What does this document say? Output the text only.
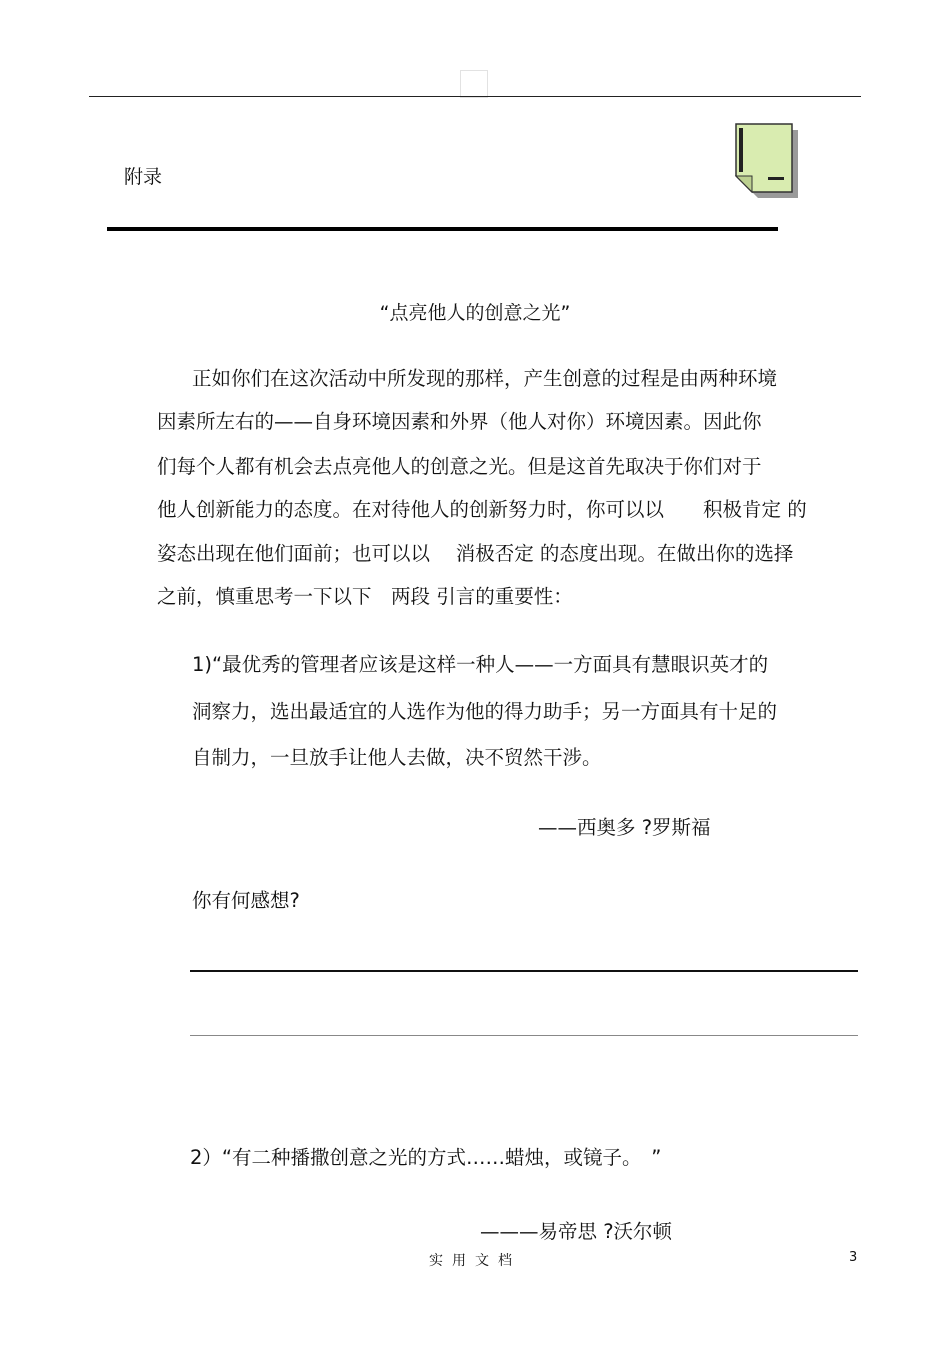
附录
“点亮他人的创意之光”
正如你们在这次活动中所发现的那样，产生创意的过程是由两种环境
因素所左右的——自身环境因素和外界（他人对你）环境因素。因此你
们每个人都有机会去点亮他人的创意之光。但是这首先取决于你们对于
他人创新能力的态度。在对待他人的创新努力时，你可以以　　积极肯定 的
姿态出现在他们面前；也可以以　 消极否定 的态度出现。在做出你的选择
之前，慎重思考一下以下　两段 引言的重要性：
1)“最优秀的管理者应该是这样一种人——一方面具有慧眼识英才的
洞察力，选出最适宜的人选作为他的得力助手；另一方面具有十足的
自制力，一旦放手让他人去做，决不贸然干涉。
——西奥多 ?罗斯福
你有何感想?
2）“有二种播撒创意之光的方式……蜡烛，或镜子。　”
———易帝思 ?沃尔顿
实用文档	3
